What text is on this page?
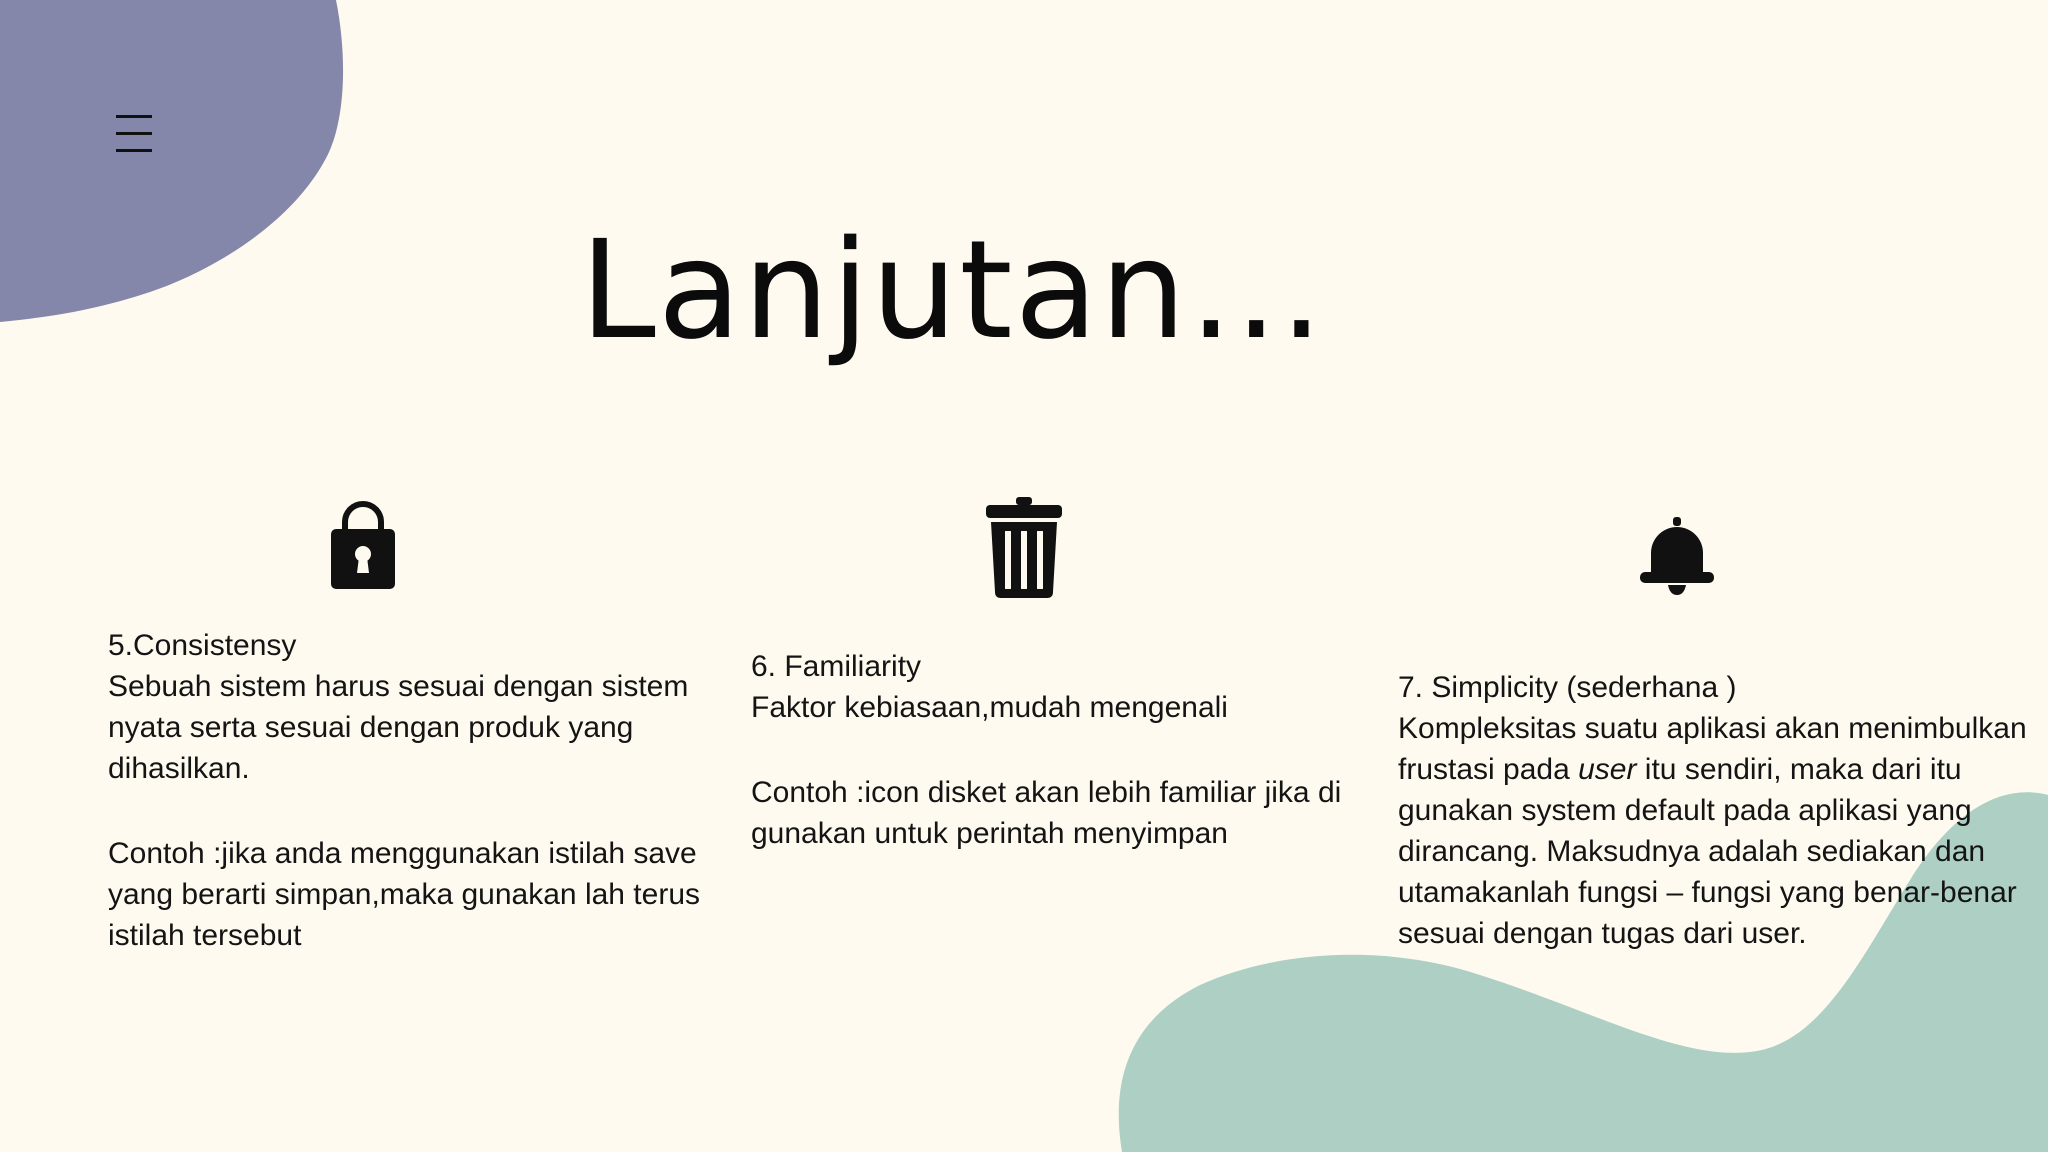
Lanjutan…

5.Consistensy

Sebuah sistem harus sesuai dengan sistem nyata serta sesuai dengan produk yang dihasilkan.

Contoh :jika anda menggunakan istilah save yang berarti simpan,maka gunakan lah terus istilah tersebut

6. Familiarity

Faktor kebiasaan,mudah mengenali

Contoh :icon disket akan lebih familiar jika di gunakan untuk perintah menyimpan

7. Simplicity (sederhana )

Kompleksitas suatu aplikasi akan menimbulkan frustasi pada user itu sendiri, maka dari itu gunakan system default pada aplikasi yang dirancang. Maksudnya adalah sediakan dan utamakanlah fungsi – fungsi yang benar-benar sesuai dengan tugas dari user.
